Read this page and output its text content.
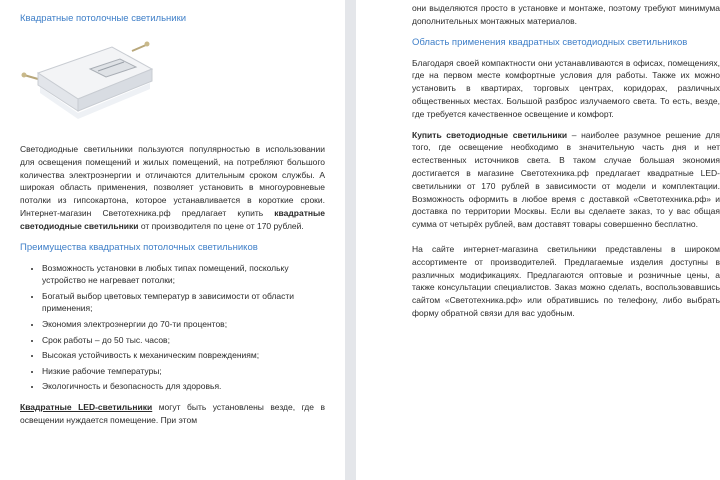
Квадратные потолочные светильники
Светодиодные светильники пользуются популярностью в использовании для освещения помещений и жилых помещений, на потребляют большого количества электроэнергии и отличаются длительным сроком службы. А широкая область применения, позволяет установить в многоуровневые потолки из гипсокартона, которое устанавливается в короткие сроки. Интернет-магазин Светотехника.рф предлагает купить квадратные светодиодные светильники от производителя по цене от 170 рублей.
Преимущества квадратных потолочных светильников
• Возможность установки в любых типах помещений, поскольку устройство не нагревает потолки;
• Богатый выбор цветовых температур в зависимости от области применения;
• Экономия электроэнергии до 70-ти процентов;
• Срок работы – до 50 тыс. часов;
• Высокая устойчивость к механическим повреждениям;
• Низкие рабочие температуры;
• Экологичность и безопасность для здоровья.
Квадратные LED-светильники могут быть установлены везде, где в освещении нуждается помещение. При этом
они выделяются просто в установке и монтаже, поэтому требуют минимума дополнительных монтажных материалов.
Область применения квадратных светодиодных светильников
Благодаря своей компактности они устанавливаются в офисах, помещениях, где на первом месте комфортные условия для работы. Также их можно установить в квартирах, торговых центрах, коридорах, различных общественных местах. Большой разброс излучаемого света. То есть, везде, где требуется качественное освещение и комфорт.
Купить светодиодные светильники – наиболее разумное решение для того, где освещение необходимо в значительную часть дня и нет естественных источников света. В таком случае большая экономия достигается в магазине Светотехника.рф предлагает квадратные LED-светильники от 170 рублей в зависимости от модели и комплектации. Возможность оформить в любое время с доставкой «Светотехника.рф» и доставка по территории Москвы. Если вы сделаете заказ, то у вас общая сумма от четырёх рублей, вам доставят товары совершенно бесплатно.
На сайте интернет-магазина светильники представлены в широком ассортименте от производителей. Предлагаемые изделия доступны в различных модификациях. Предлагаются оптовые и розничные цены, а также консультации специалистов. Заказ можно сделать, воспользовавшись сайтом «Светотехника.рф» или обратившись по телефону, либо выбрать форму обратной связи для вас удобным.
